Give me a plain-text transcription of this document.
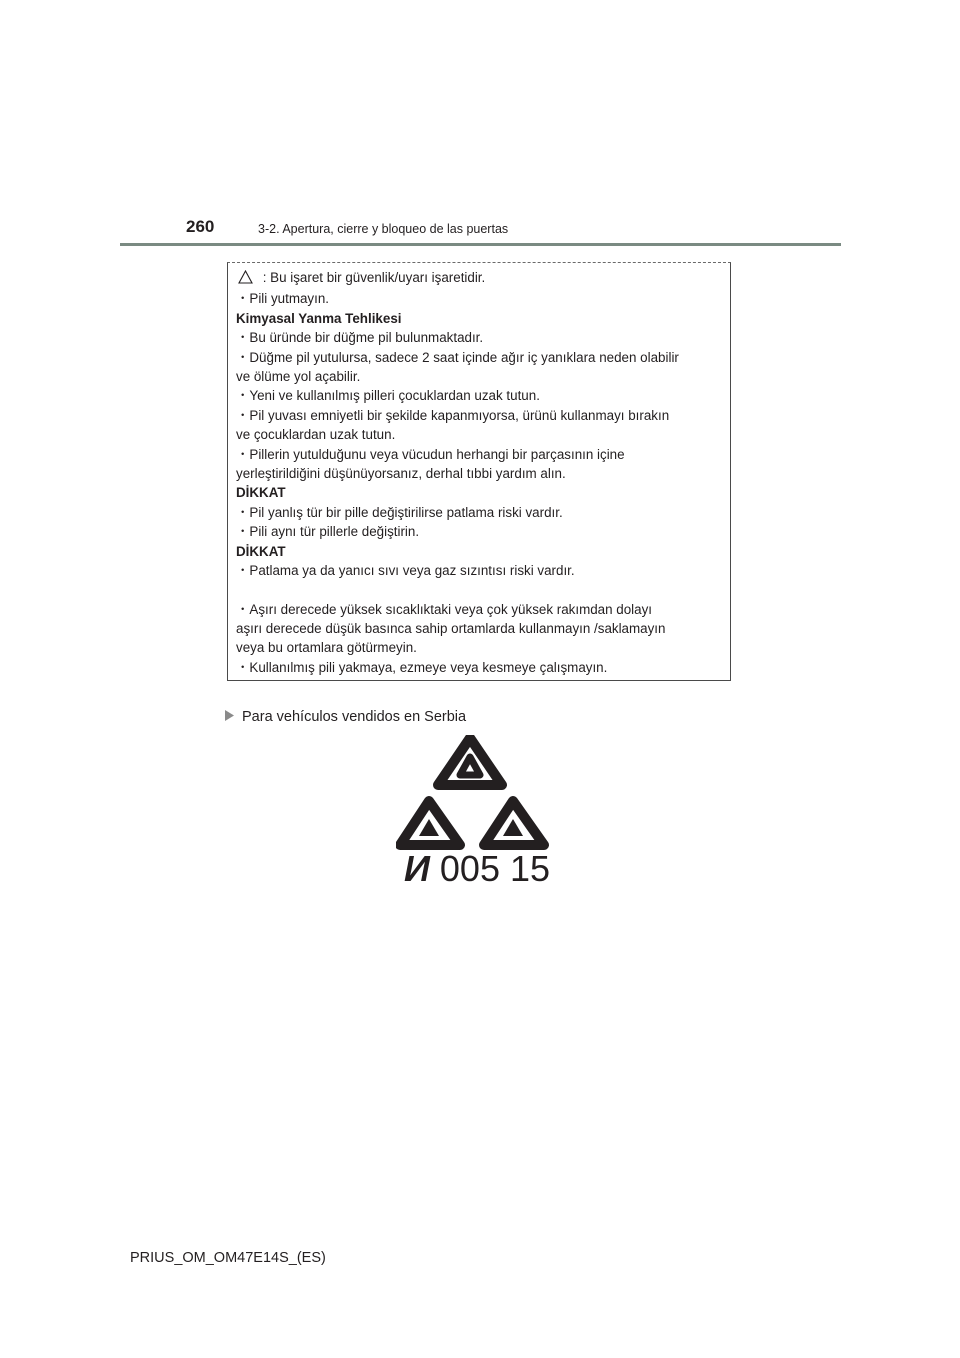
260	3-2. Apertura, cierre y bloqueo de las puertas
: Bu işaret bir güvenlik/uyarı işaretidir.
・Pili yutmayın.
Kimyasal Yanma Tehlikesi
・Bu üründe bir düğme pil bulunmaktadır.
・Düğme pil yutulursa, sadece 2 saat içinde ağır iç yanıklara neden olabilir
ve ölüme yol açabilir.
・Yeni ve kullanılmış pilleri çocuklardan uzak tutun.
・Pil yuvası emniyetli bir şekilde kapanmıyorsa, ürünü kullanmayı bırakın
ve çocuklardan uzak tutun.
・Pillerin yutulduğunu veya vücudun herhangi bir parçasının içine
yerleştirildiğini düşünüyorsanız, derhal tıbbi yardım alın.
DİKKAT
・Pil yanlış tür bir pille değiştirilirse patlama riski vardır.
・Pili aynı tür pillerle değiştirin.
DİKKAT
・Patlama ya da yanıcı sıvı veya gaz sızıntısı riski vardır.
・Aşırı derecede yüksek sıcaklıktaki veya çok yüksek rakımdan dolayı
aşırı derecede düşük basınca sahip ortamlarda kullanmayın /saklamayın
veya bu ortamlara götürmeyin.
・Kullanılmış pili yakmaya, ezmeye veya kesmeye çalışmayın.
Para vehículos vendidos en Serbia
И 005 15
PRIUS_OM_OM47E14S_(ES)
